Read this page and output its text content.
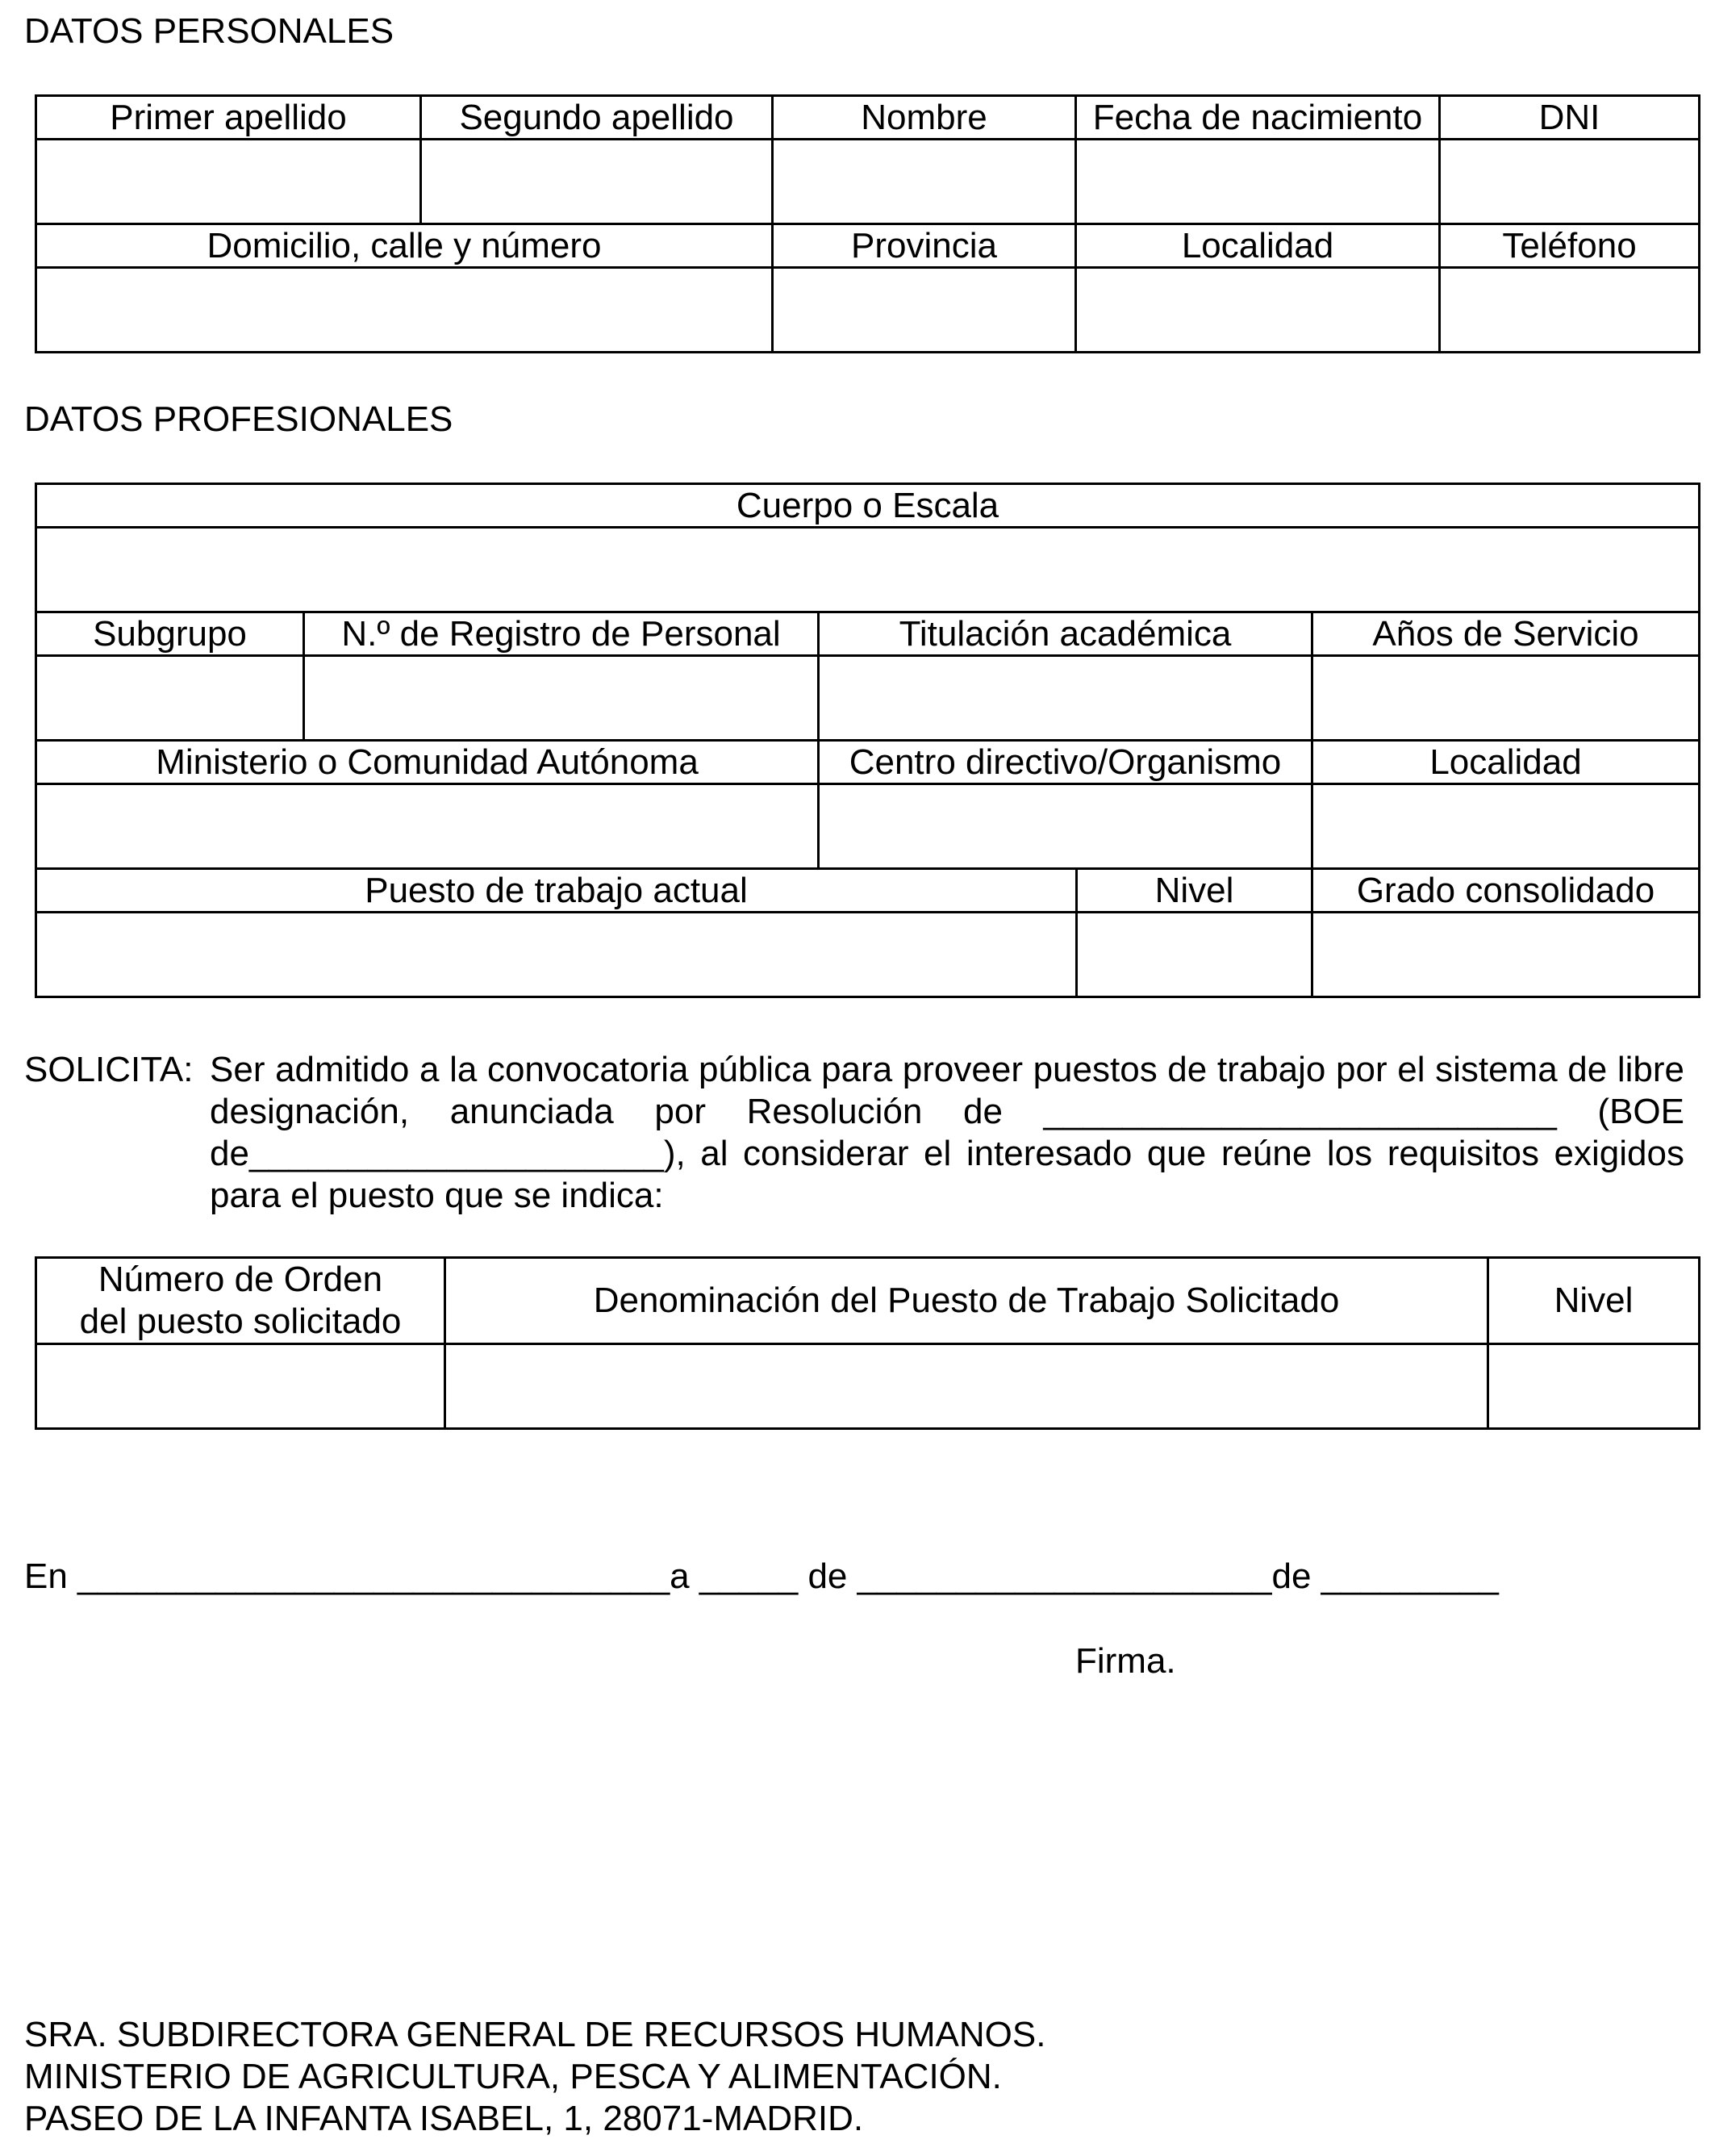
DATOS PERSONALES
Primer apellido	Segundo apellido	Nombre	Fecha de nacimiento	DNI

Domicilio, calle y número		Provincia	Localidad	Teléfono

DATOS PROFESIONALES
Cuerpo o Escala				

Subgrupo	N.º de Registro de Personal	Titulación académica		Años de Servicio

Ministerio o Comunidad Autónoma		Centro directivo/Organismo		Localidad

Puesto de trabajo actual			Nivel	Grado consolidado

SOLICITA: Ser admitido a la convocatoria pública para proveer puestos de trabajo por el sistema de libre designación, anunciada por Resolución de __________________________ (BOE de_____________________), al considerar el interesado que reúne los requisitos exigidos
para el puesto que se indica:
Número de Orden
del puesto solicitado	Denominación del Puesto de Trabajo Solicitado	Nivel

En ______________________________a _____ de _____________________de _________
Firma.
SRA. SUBDIRECTORA GENERAL DE RECURSOS HUMANOS.
MINISTERIO DE AGRICULTURA, PESCA Y ALIMENTACIÓN.
PASEO DE LA INFANTA ISABEL, 1, 28071-MADRID.
